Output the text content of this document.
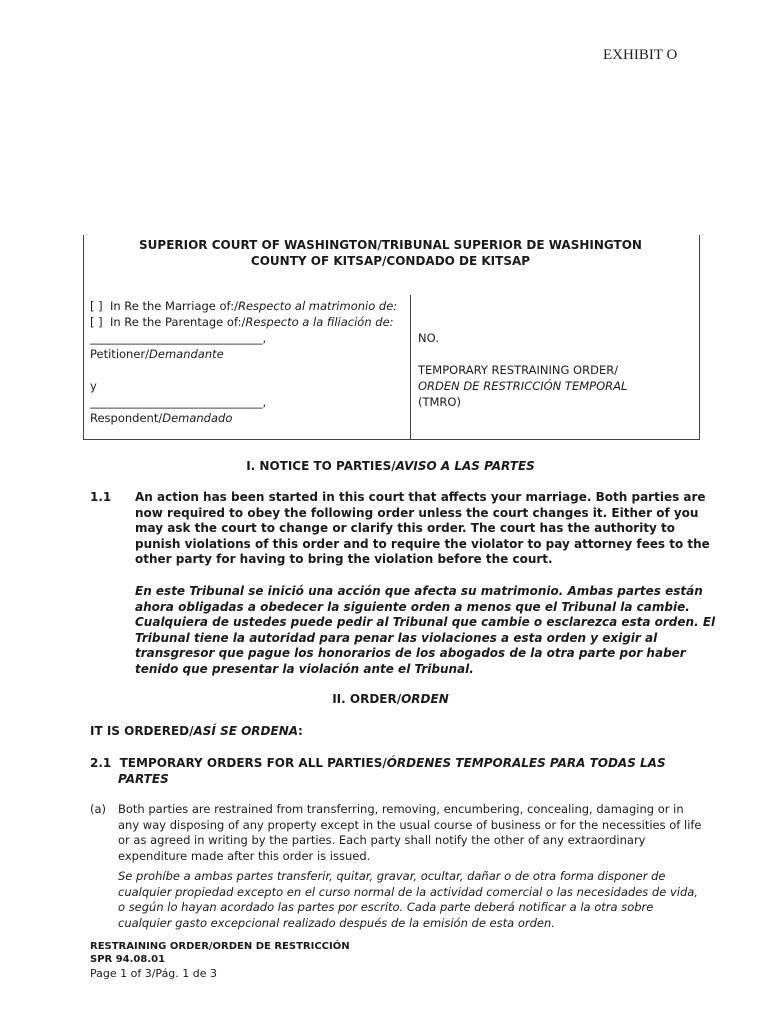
EXHIBIT O
SUPERIOR COURT OF WASHINGTON/TRIBUNAL SUPERIOR DE WASHINGTON
COUNTY OF KITSAP/CONDADO DE KITSAP
[ ] In Re the Marriage of:/Respecto al matrimonio de:
[ ] In Re the Parentage of:/Respecto a la filiación de:
______________________________,
Petitioner/Demandante
y
______________________________,
Respondent/Demandado
NO.
TEMPORARY RESTRAINING ORDER/
ORDEN DE RESTRICCIÓN TEMPORAL
(TMRO)
I. NOTICE TO PARTIES/AVISO A LAS PARTES
1.1 An action has been started in this court that affects your marriage. Both parties are
now required to obey the following order unless the court changes it. Either of you
may ask the court to change or clarify this order. The court has the authority to
punish violations of this order and to require the violator to pay attorney fees to the
other party for having to bring the violation before the court.
En este Tribunal se inició una acción que afecta su matrimonio. Ambas partes están
ahora obligadas a obedecer la siguiente orden a menos que el Tribunal la cambie.
Cualquiera de ustedes puede pedir al Tribunal que cambie o esclarezca esta orden. El
Tribunal tiene la autoridad para penar las violaciones a esta orden y exigir al
transgresor que pague los honorarios de los abogados de la otra parte por haber
tenido que presentar la violación ante el Tribunal.
II. ORDER/ORDEN
IT IS ORDERED/ASÍ SE ORDENA:
2.1 TEMPORARY ORDERS FOR ALL PARTIES/ÓRDENES TEMPORALES PARA TODAS LAS
PARTES
(a) Both parties are restrained from transferring, removing, encumbering, concealing, damaging or in
any way disposing of any property except in the usual course of business or for the necessities of life
or as agreed in writing by the parties. Each party shall notify the other of any extraordinary
expenditure made after this order is issued.
Se prohíbe a ambas partes transferir, quitar, gravar, ocultar, dañar o de otra forma disponer de
cualquier propiedad excepto en el curso normal de la actividad comercial o las necesidades de vida,
o según lo hayan acordado las partes por escrito. Cada parte deberá notificar a la otra sobre
cualquier gasto excepcional realizado después de la emisión de esta orden.
RESTRAINING ORDER/ORDEN DE RESTRICCIÓN
SPR 94.08.01
Page 1 of 3/Pág. 1 de 3
